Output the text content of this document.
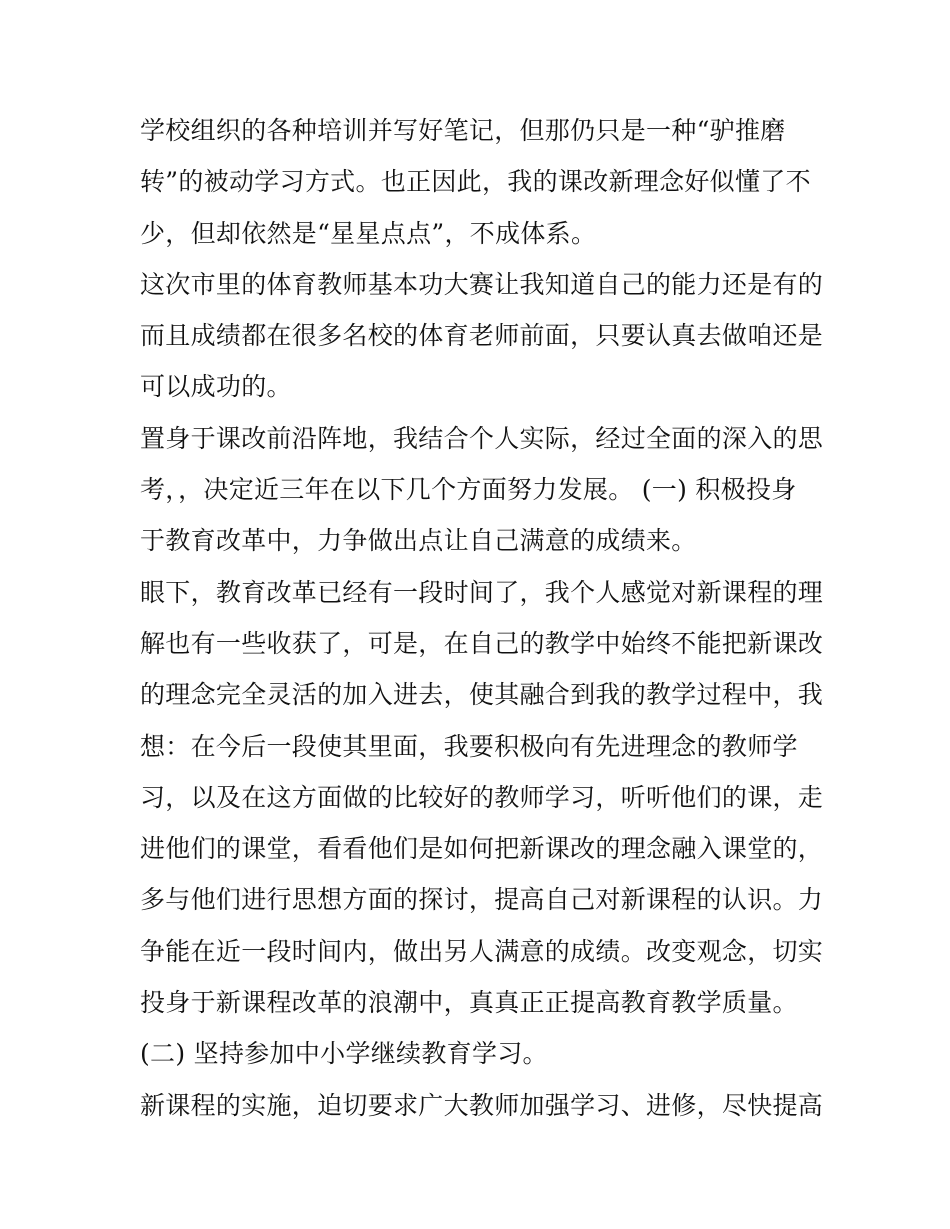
学校组织的各种培训并写好笔记，但那仍只是一种“驴推磨
转”的被动学习方式。也正因此，我的课改新理念好似懂了不
少，但却依然是“星星点点”，不成体系。
这次市里的体育教师基本功大赛让我知道自己的能力还是有的
而且成绩都在很多名校的体育老师前面，只要认真去做咱还是
可以成功的。
置身于课改前沿阵地，我结合个人实际，经过全面的深入的思
考，，决定近三年在以下几个方面努力发展。 (一) 积极投身
于教育改革中，力争做出点让自己满意的成绩来。
眼下，教育改革已经有一段时间了，我个人感觉对新课程的理
解也有一些收获了，可是，在自己的教学中始终不能把新课改
的理念完全灵活的加入进去，使其融合到我的教学过程中，我
想：在今后一段使其里面，我要积极向有先进理念的教师学
习，以及在这方面做的比较好的教师学习，听听他们的课，走
进他们的课堂，看看他们是如何把新课改的理念融入课堂的，
多与他们进行思想方面的探讨，提高自己对新课程的认识。力
争能在近一段时间内，做出另人满意的成绩。改变观念，切实
投身于新课程改革的浪潮中，真真正正提高教育教学质量。
(二) 坚持参加中小学继续教育学习。
新课程的实施，迫切要求广大教师加强学习、进修，尽快提高
